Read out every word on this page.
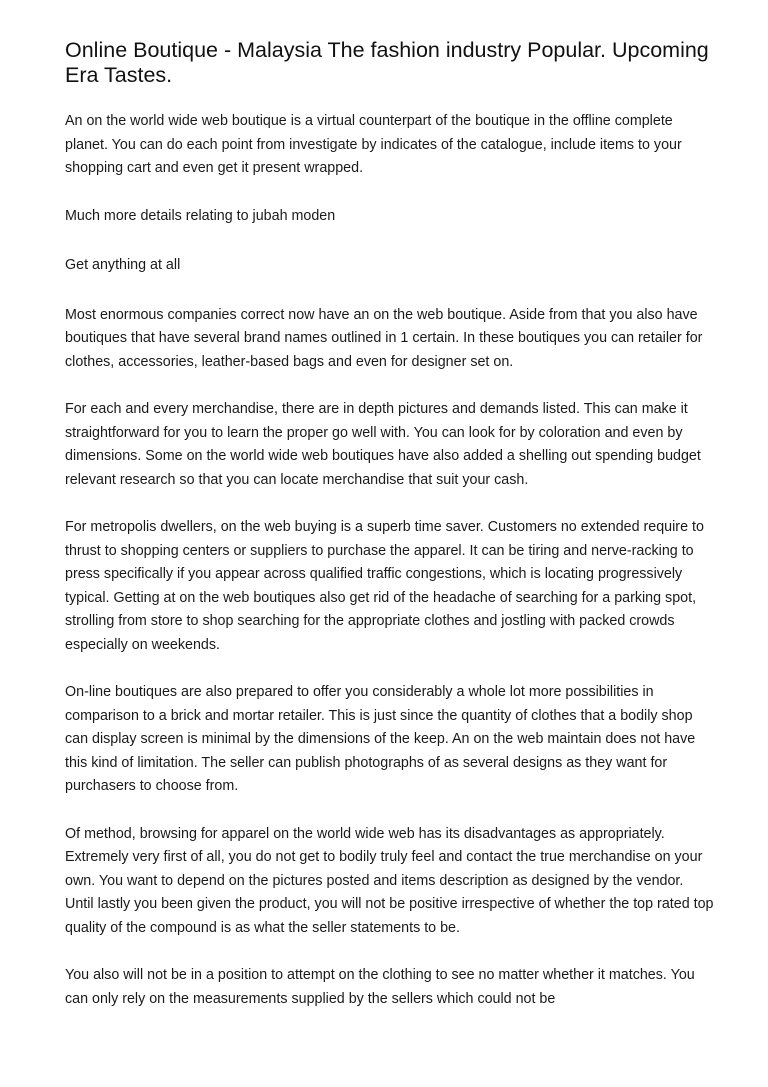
Online Boutique - Malaysia The fashion industry Popular. Upcoming Era Tastes.

An on the world wide web boutique is a virtual counterpart of the boutique in the offline complete planet. You can do each point from investigate by indicates of the catalogue, include items to your shopping cart and even get it present wrapped.

Much more details relating to jubah moden

Get anything at all

Most enormous companies correct now have an on the web boutique. Aside from that you also have boutiques that have several brand names outlined in 1 certain. In these boutiques you can retailer for clothes, accessories, leather-based bags and even for designer set on.

For each and every merchandise, there are in depth pictures and demands listed. This can make it straightforward for you to learn the proper go well with. You can look for by coloration and even by dimensions. Some on the world wide web boutiques have also added a shelling out spending budget relevant research so that you can locate merchandise that suit your cash.

For metropolis dwellers, on the web buying is a superb time saver. Customers no extended require to thrust to shopping centers or suppliers to purchase the apparel. It can be tiring and nerve-racking to press specifically if you appear across qualified traffic congestions, which is locating progressively typical. Getting at on the web boutiques also get rid of the headache of searching for a parking spot, strolling from store to shop searching for the appropriate clothes and jostling with packed crowds especially on weekends.

On-line boutiques are also prepared to offer you considerably a whole lot more possibilities in comparison to a brick and mortar retailer. This is just since the quantity of clothes that a bodily shop can display screen is minimal by the dimensions of the keep. An on the web maintain does not have this kind of limitation. The seller can publish photographs of as several designs as they want for purchasers to choose from.

Of method, browsing for apparel on the world wide web has its disadvantages as appropriately. Extremely very first of all, you do not get to bodily truly feel and contact the true merchandise on your own. You want to depend on the pictures posted and items description as designed by the vendor. Until lastly you been given the product, you will not be positive irrespective of whether the top rated top quality of the compound is as what the seller statements to be.

You also will not be in a position to attempt on the clothing to see no matter whether it matches. You can only rely on the measurements supplied by the sellers which could not be
